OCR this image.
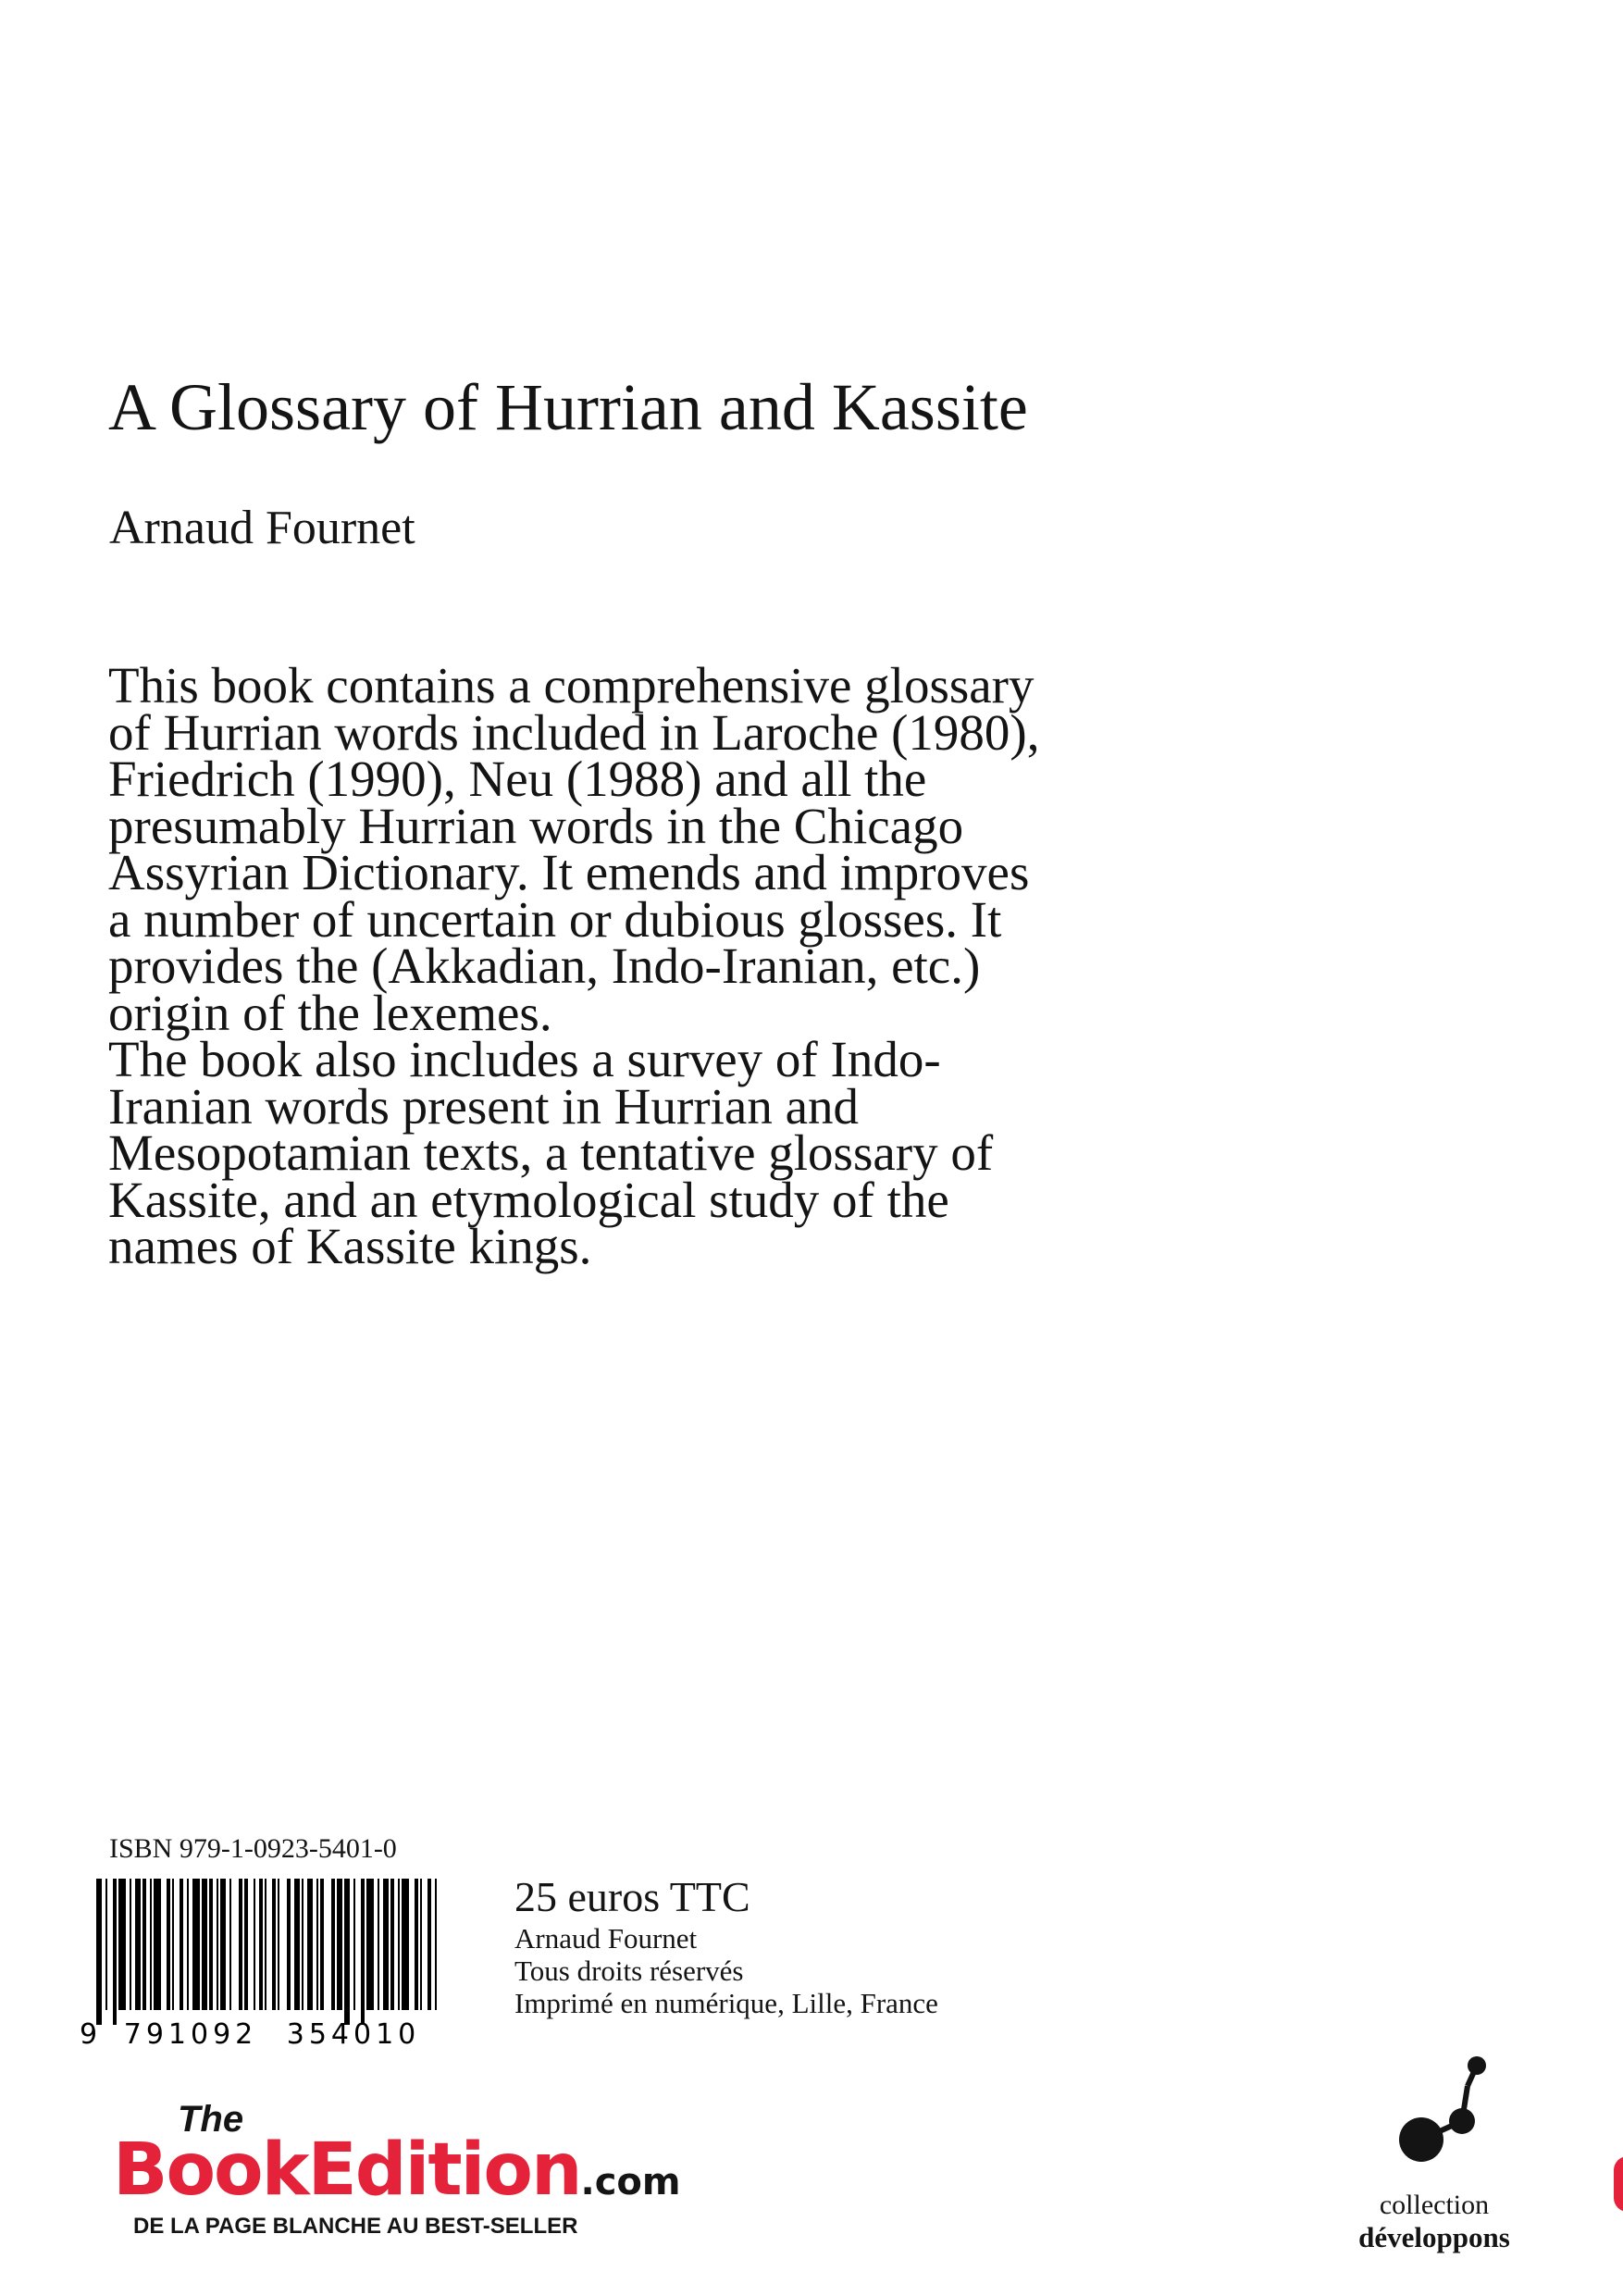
A Glossary of Hurrian and Kassite
Arnaud Fournet

This book contains a comprehensive glossary
of Hurrian words included in Laroche (1980),
Friedrich (1990), Neu (1988) and all the
presumably Hurrian words in the Chicago
Assyrian Dictionary. It emends and improves
a number of uncertain or dubious glosses. It
provides the (Akkadian, Indo-Iranian, etc.)
origin of the lexemes.

The book also includes a survey of Indo-
Iranian words present in Hurrian and
Mesopotamian texts, a tentative glossary of
Kassite, and an etymological study of the
names of Kassite kings.

ISBN 979-1-0923-5401-0
9 791092 354010
25 euros TTC
Arnaud Fournet
Tous droits réservés
Imprimé en numérique, Lille, France
The
BookEdition.com
DE LA PAGE BLANCHE AU BEST-SELLER
collection
développons
